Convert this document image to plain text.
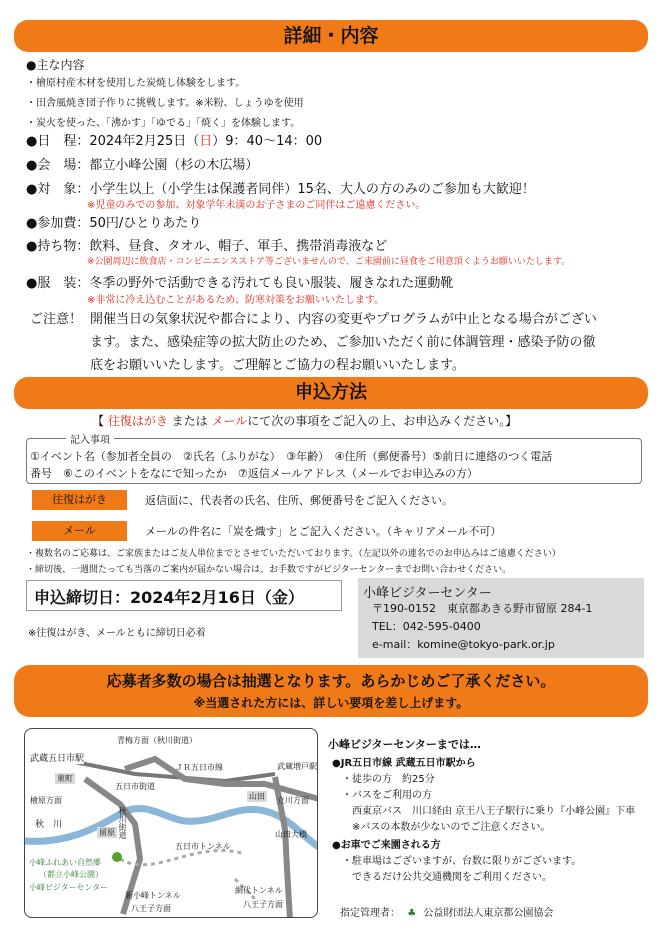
詳細・内容
●主な内容
・檜原村産木材を使用した炭焼し体験をします。
・田舎風焼き団子作りに挑戦します。※米粉、しょうゆを使用
・炭火を使った、「沸かす」「ゆでる」「焼く」を体験します。
●日　程：2024年2月25日（日）9：40～14：00
●会　場：都立小峰公園（杉の木広場）
●対　象：小学生以上（小学生は保護者同伴）15名、大人の方のみのご参加も大歓迎！
※児童のみでの参加、対象学年未満のお子さまのご同伴はご遠慮ください。
●参加費：50円/ひとりあたり
●持ち物：飲料、昼食、タオル、帽子、軍手、携帯消毒液など
※公園周辺に飲食店・コンビニエンスストア等ございませんので、ご来園前に昼食をご用意頂くようお願いいたします。
●服　装：冬季の野外で活動できる汚れても良い服装、履きなれた運動靴
※非常に冷え込むことがあるため、防寒対策をお願いいたします。
ご注意！ 開催当日の気象状況や都合により、内容の変更やプログラムが中止となる場合がござい
ます。また、感染症等の拡大防止のため、ご参加いただく前に体調管理・感染予防の徹
底をお願いいたします。ご理解とご協力の程お願いいたします。
申込方法
【 往復はがき または メールにて次の事項をご記入の上、お申込みください。】
記入事項
①イベント名（参加者全員の　②氏名（ふりがな）　③年齢）　④住所（郵便番号）⑤前日に連絡のつく電話
番号　⑥このイベントをなにで知ったか　⑦返信メールアドレス（メールでお申込みの方）
往復はがき	返信面に、代表者の氏名、住所、郵便番号をご記入ください。
メール	メールの件名に「炭を熾す」とご記入ください。（キャリアメール不可）
・複数名のご応募は、ご家族またはご友人単位までとさせていただいております。（左記以外の連名でのお申込みはご遠慮ください）
・締切後、一週間たっても当落のご案内が届かない場合は、お手数ですがビジターセンターまでお問い合わせください。
申込締切日：2024年2月16日（金）
※往復はがき、メールともに締切日必着
小峰ビジターセンター
〒190-0152　東京都あきる野市留原 284-1
TEL：042-595-0400
e-mail：komine@tokyo-park.or.jp
応募者多数の場合は抽選となります。あらかじめご了承ください。
※当選された方には、詳しい要項を差し上げます。
青梅方面（秋川街道）
武蔵五日市駅
ＪＲ五日市線	武蔵増戸駅
東町
五日市街道
檜原方面
秋　川	秋川街道
山田 立川方面
留原	山田大橋
五日市トンネル
小峰ふれあい自然郷
（都立小峰公園）
小峰ビジターセンター
新小峰トンネル
八王子方面
網代トンネル
八王子方面
小峰ビジターセンターまでは…
●JR五日市線 武蔵五日市駅から
・徒歩の方　約25分
・バスをご利用の方
西東京バス　川口経由 京王八王子駅行に乗り『小峰公園』下車
※バスの本数が少ないのでご注意ください。
●お車でご来園される方
・駐車場はございますが、台数に限りがございます。
できるだけ公共交通機関をご利用ください。
指定管理者： ♣ 公益財団法人東京都公園協会
